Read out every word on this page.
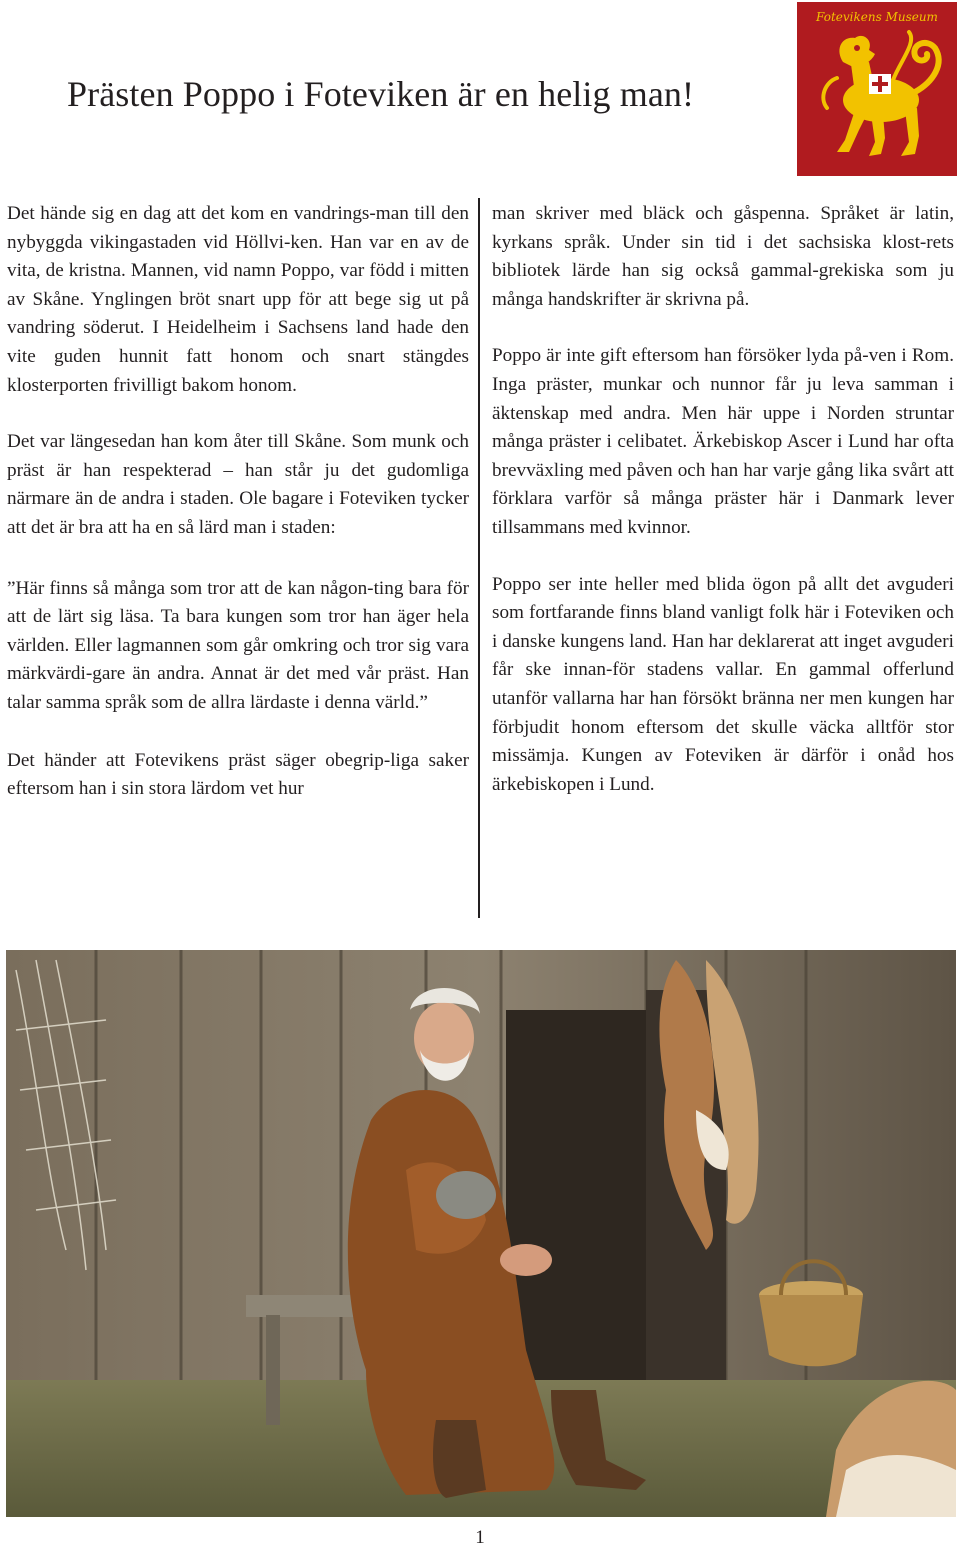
Prästen Poppo i Foteviken är en helig man!
Fotevikens Museum

Det hände sig en dag att det kom en vandrings-man till den nybyggda vikingastaden vid Höllvi-ken. Han var en av de vita, de kristna. Mannen, vid namn Poppo, var född i mitten av Skåne. Ynglingen bröt snart upp för att bege sig ut på vandring söderut. I Heidelheim i Sachsens land hade den vite guden hunnit fatt honom och snart stängdes klosterporten frivilligt bakom honom.

Det var längesedan han kom åter till Skåne. Som munk och präst är han respekterad – han står ju det gudomliga närmare än de andra i staden. Ole bagare i Foteviken tycker att det är bra att ha en så lärd man i staden:

”Här finns så många som tror att de kan någon-ting bara för att de lärt sig läsa. Ta bara kungen som tror han äger hela världen. Eller lagmannen som går omkring och tror sig vara märkvärdi-gare än andra. Annat är det med vår präst. Han talar samma språk som de allra lärdaste i denna värld.”

Det händer att Fotevikens präst säger obegrip-liga saker eftersom han i sin stora lärdom vet hur

man skriver med bläck och gåspenna. Språket är latin, kyrkans språk. Under sin tid i det sachsiska klost-rets bibliotek lärde han sig också gammal-grekiska som ju många handskrifter är skrivna på.

Poppo är inte gift eftersom han försöker lyda på-ven i Rom. Inga präster, munkar och nunnor får ju leva samman i äktenskap med andra. Men här uppe i Norden struntar många präster i celibatet. Ärkebiskop Ascer i Lund har ofta brevväxling med påven och han har varje gång lika svårt att förklara varför så många präster här i Danmark lever tillsammans med kvinnor.

Poppo ser inte heller med blida ögon på allt det avguderi som fortfarande finns bland vanligt folk här i Foteviken och i danske kungens land. Han har deklarerat att inget avguderi får ske innan-för stadens vallar. En gammal offerlund utanför vallarna har han försökt bränna ner men kungen har förbjudit honom eftersom det skulle väcka alltför stor missämja. Kungen av Foteviken är därför i onåd hos ärkebiskopen i Lund.

1
